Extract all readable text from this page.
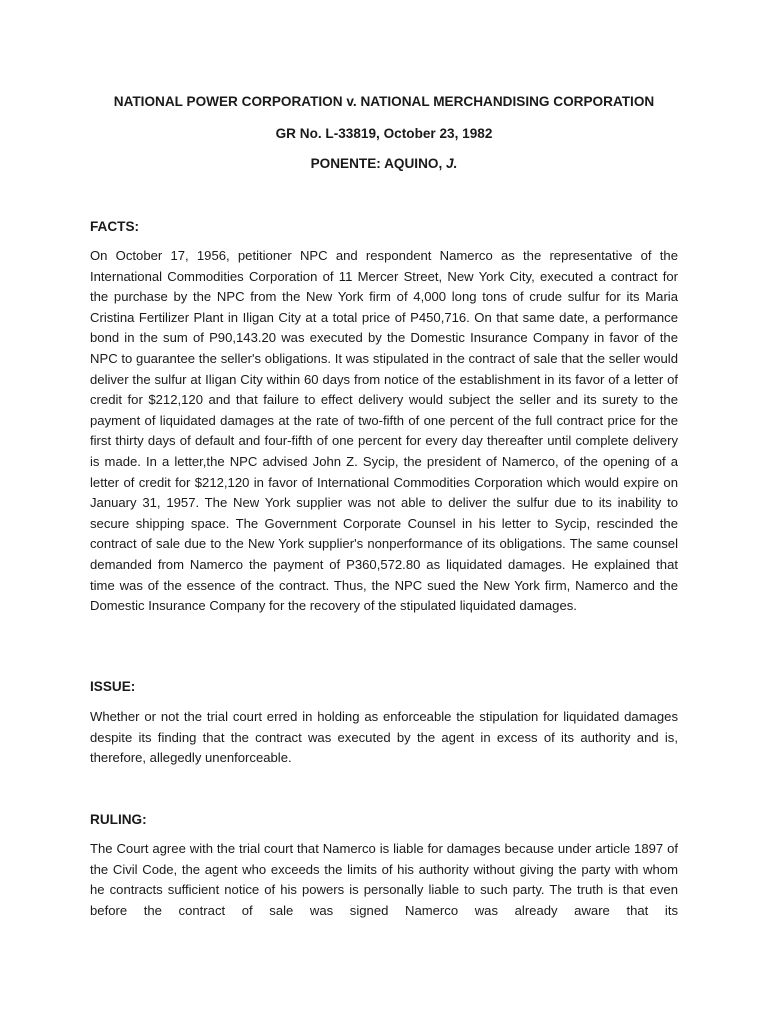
NATIONAL POWER CORPORATION v. NATIONAL MERCHANDISING CORPORATION
GR No. L-33819, October 23, 1982
PONENTE: AQUINO, J.
FACTS:
On October 17, 1956, petitioner NPC and respondent Namerco as the representative of the International Commodities Corporation of 11 Mercer Street, New York City, executed a contract for the purchase by the NPC from the New York firm of 4,000 long tons of crude sulfur for its Maria Cristina Fertilizer Plant in Iligan City at a total price of P450,716. On that same date, a performance bond in the sum of P90,143.20 was executed by the Domestic Insurance Company in favor of the NPC to guarantee the seller's obligations. It was stipulated in the contract of sale that the seller would deliver the sulfur at Iligan City within 60 days from notice of the establishment in its favor of a letter of credit for $212,120 and that failure to effect delivery would subject the seller and its surety to the payment of liquidated damages at the rate of two-fifth of one percent of the full contract price for the first thirty days of default and four-fifth of one percent for every day thereafter until complete delivery is made. In a letter,the NPC advised John Z. Sycip, the president of Namerco, of the opening of a letter of credit for $212,120 in favor of International Commodities Corporation which would expire on January 31, 1957. The New York supplier was not able to deliver the sulfur due to its inability to secure shipping space. The Government Corporate Counsel in his letter to Sycip, rescinded the contract of sale due to the New York supplier's nonperformance of its obligations. The same counsel demanded from Namerco the payment of P360,572.80 as liquidated damages. He explained that time was of the essence of the contract. Thus, the NPC sued the New York firm, Namerco and the Domestic Insurance Company for the recovery of the stipulated liquidated damages.
ISSUE:
Whether or not the trial court erred in holding as enforceable the stipulation for liquidated damages despite its finding that the contract was executed by the agent in excess of its authority and is, therefore, allegedly unenforceable.
RULING:
The Court agree with the trial court that Namerco is liable for damages because under article 1897 of the Civil Code, the agent who exceeds the limits of his authority without giving the party with whom he contracts sufficient notice of his powers is personally liable to such party. The truth is that even before the contract of sale was signed Namerco was already aware that its
